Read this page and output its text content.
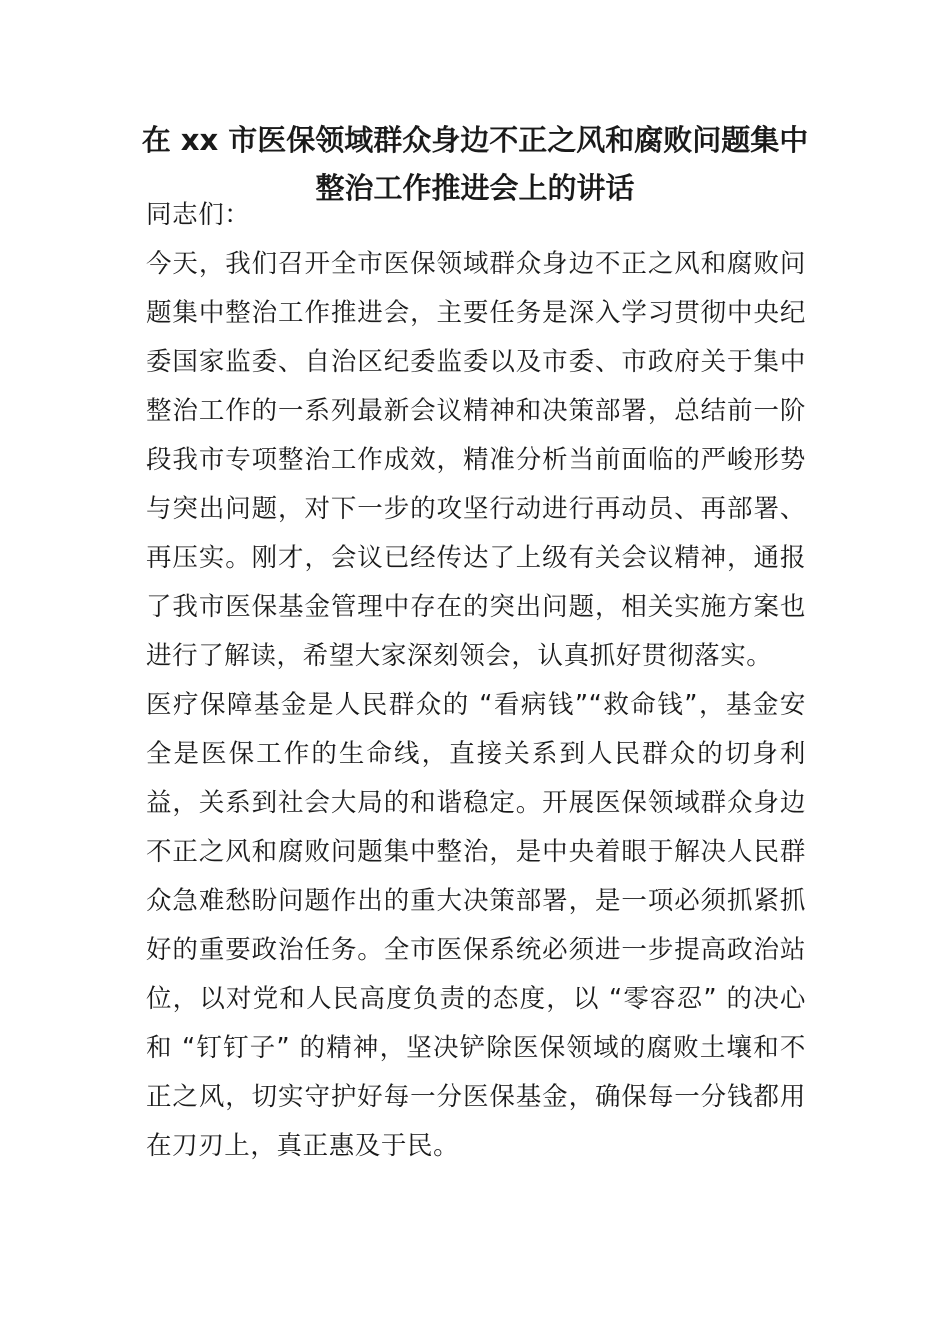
在 xx 市医保领域群众身边不正之风和腐败问题集中
整治工作推进会上的讲话
同志们：
今天，我们召开全市医保领域群众身边不正之风和腐败问题集中整治工作推进会，主要任务是深入学习贯彻中央纪委国家监委、自治区纪委监委以及市委、市政府关于集中整治工作的一系列最新会议精神和决策部署，总结前一阶段我市专项整治工作成效，精准分析当前面临的严峻形势与突出问题，对下一步的攻坚行动进行再动员、再部署、再压实。刚才，会议已经传达了上级有关会议精神，通报了我市医保基金管理中存在的突出问题，相关实施方案也进行了解读，希望大家深刻领会，认真抓好贯彻落实。
医疗保障基金是人民群众的 “看病钱”“救命钱”，基金安全是医保工作的生命线，直接关系到人民群众的切身利益，关系到社会大局的和谐稳定。开展医保领域群众身边不正之风和腐败问题集中整治，是中央着眼于解决人民群众急难愁盼问题作出的重大决策部署，是一项必须抓紧抓好的重要政治任务。全市医保系统必须进一步提高政治站位，以对党和人民高度负责的态度，以 “零容忍” 的决心和 “钉钉子” 的精神，坚决铲除医保领域的腐败土壤和不正之风，切实守护好每一分医保基金，确保每一分钱都用在刀刃上，真正惠及于民。
